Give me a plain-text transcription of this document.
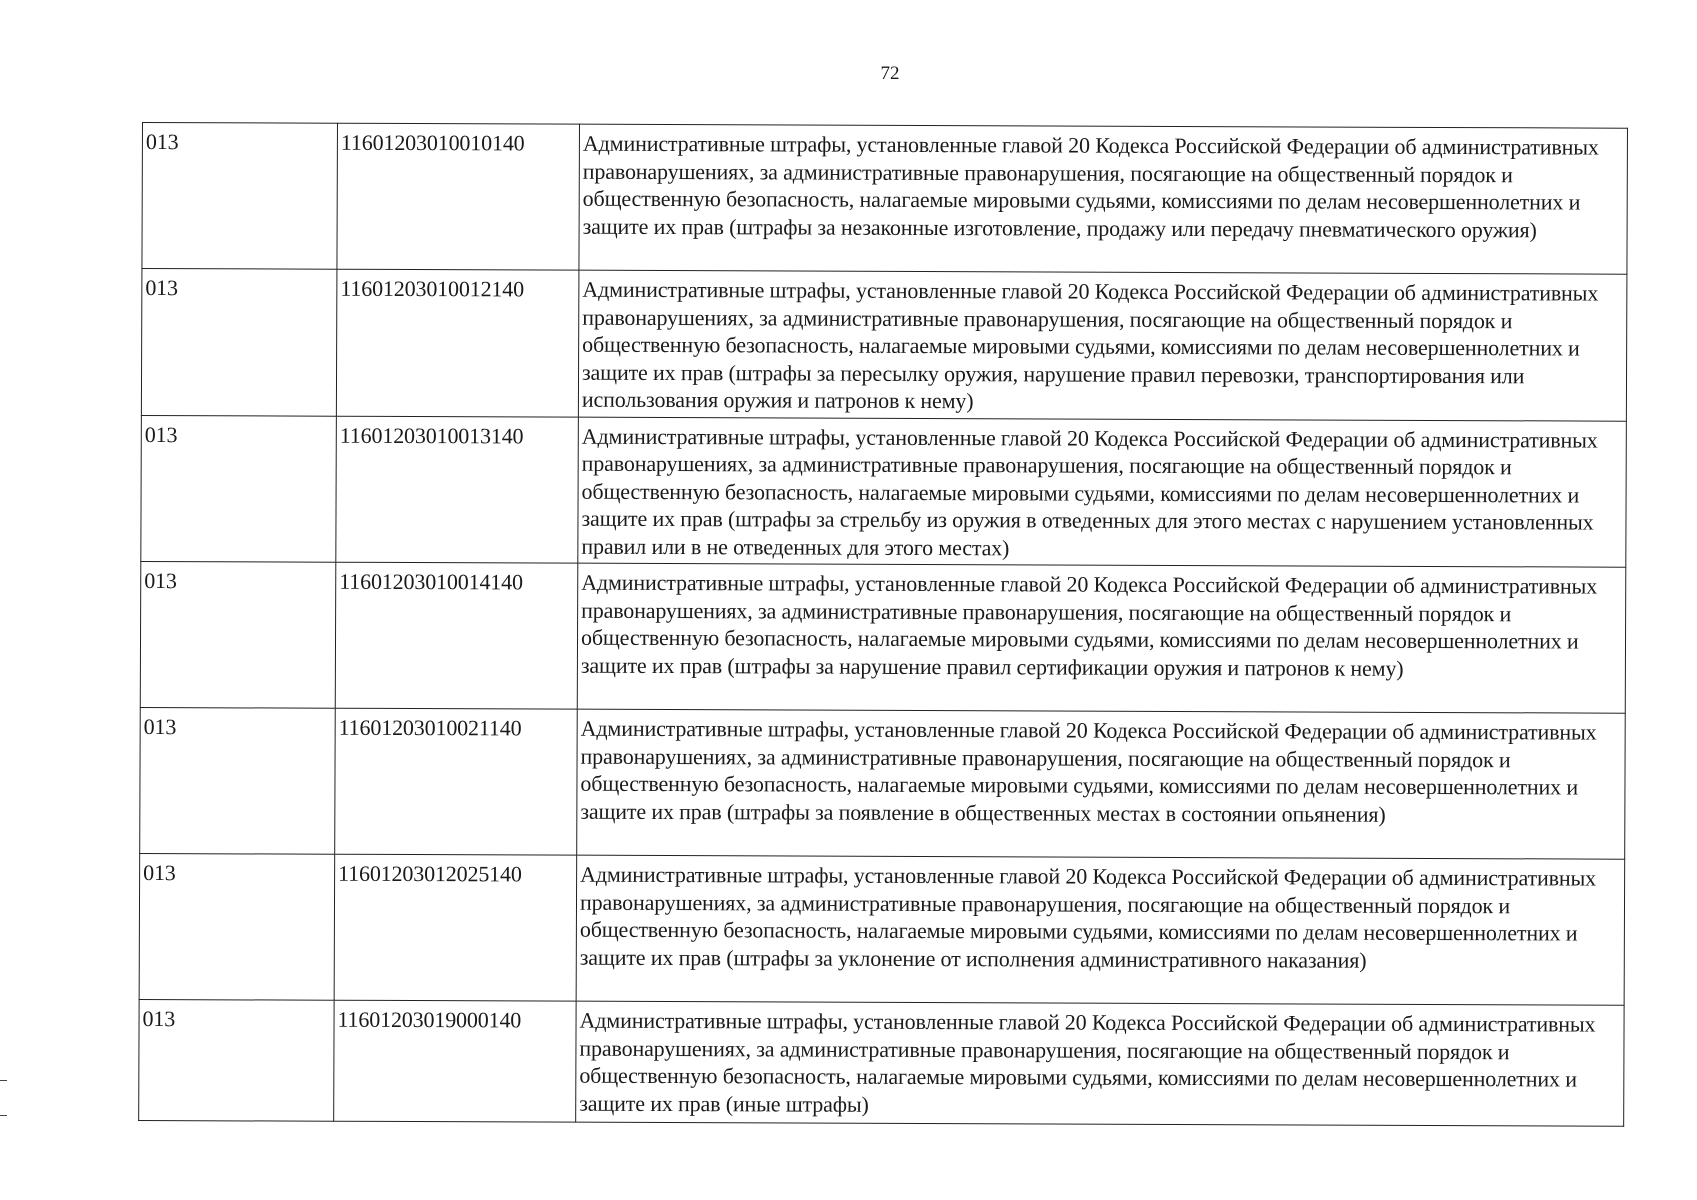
72
013	11601203010010140	Административные штрафы, установленные главой 20 Кодекса Российской Федерации об административных правонарушениях, за административные правонарушения, посягающие на общественный порядок и общественную безопасность, налагаемые мировыми судьями, комиссиями по делам несовершеннолетних и защите их прав (штрафы за незаконные изготовление, продажу или передачу пневматического оружия)
013	11601203010012140	Административные штрафы, установленные главой 20 Кодекса Российской Федерации об административных правонарушениях, за административные правонарушения, посягающие на общественный порядок и общественную безопасность, налагаемые мировыми судьями, комиссиями по делам несовершеннолетних и защите их прав (штрафы за пересылку оружия, нарушение правил перевозки, транспортирования или использования оружия и патронов к нему)
013	11601203010013140	Административные штрафы, установленные главой 20 Кодекса Российской Федерации об административных правонарушениях, за административные правонарушения, посягающие на общественный порядок и общественную безопасность, налагаемые мировыми судьями, комиссиями по делам несовершеннолетних и защите их прав (штрафы за стрельбу из оружия в отведенных для этого местах с нарушением установленных правил или в не отведенных для этого местах)
013	11601203010014140	Административные штрафы, установленные главой 20 Кодекса Российской Федерации об административных правонарушениях, за административные правонарушения, посягающие на общественный порядок и общественную безопасность, налагаемые мировыми судьями, комиссиями по делам несовершеннолетних и защите их прав (штрафы за нарушение правил сертификации оружия и патронов к нему)
013	11601203010021140	Административные штрафы, установленные главой 20 Кодекса Российской Федерации об административных правонарушениях, за административные правонарушения, посягающие на общественный порядок и общественную безопасность, налагаемые мировыми судьями, комиссиями по делам несовершеннолетних и защите их прав (штрафы за появление в общественных местах в состоянии опьянения)
013	11601203012025140	Административные штрафы, установленные главой 20 Кодекса Российской Федерации об административных правонарушениях, за административные правонарушения, посягающие на общественный порядок и общественную безопасность, налагаемые мировыми судьями, комиссиями по делам несовершеннолетних и защите их прав (штрафы за уклонение от исполнения административного наказания)
013	11601203019000140	Административные штрафы, установленные главой 20 Кодекса Российской Федерации об административных правонарушениях, за административные правонарушения, посягающие на общественный порядок и общественную безопасность, налагаемые мировыми судьями, комиссиями по делам несовершеннолетних и защите их прав (иные штрафы)
